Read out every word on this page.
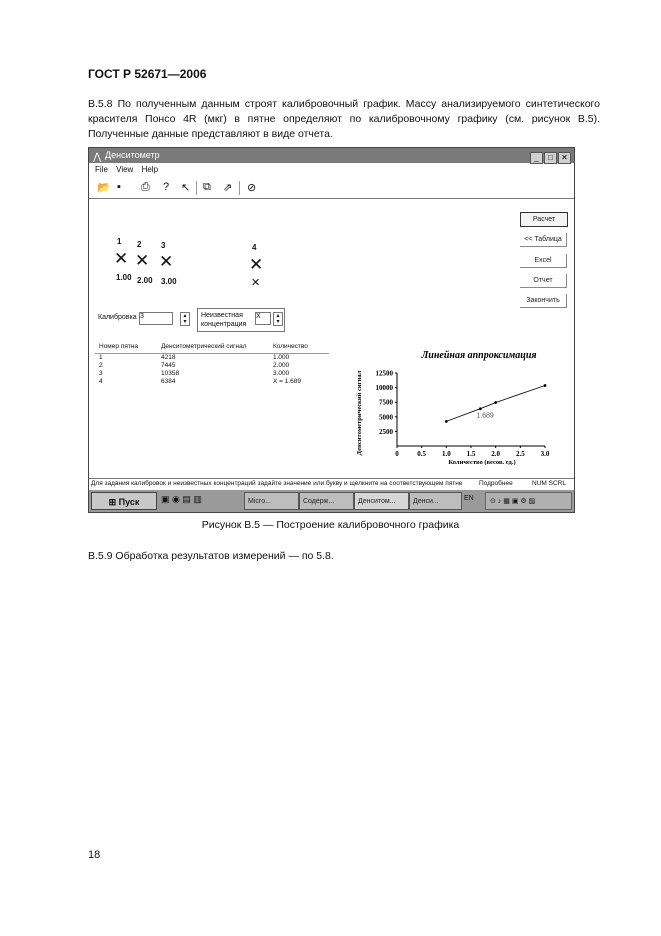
ГОСТ Р 52671—2006
В.5.8 По полученным данным строят калибровочный график. Массу анализируемого синтетического красителя Понсо 4R (мкг) в пятне определяют по калибровочному графику (см. рисунок В.5). Полученные данные представляют в виде отчета.
⋀ Денситометр	_ □ ✕
File View Help
📂 ▪ ⎙ ? ↖ ⧉ ⇗ ⊘
1 2 3	4
✕ ✕ ✕	✕
✕
1.00 2.00 3.00
Расчет
<< Таблица
Excel
Отчет
Закончить
Калибровка 3	▴
▾
Неизвестная
концентрация
X	▴
▾
Номер пятна	Денситометрический сигнал	Количество
1	4218	1.000
2	7445	2.000
3	10358	3.000
4	6384	X = 1.689
Линейная аппроксимация
Денситометрический сигнал
Количество (весов. ед.)
2500
5000
7500
10000
12500
0	0.5 1.0 1.5 2.0 2.5 3.0
1.689
Для задания калибровок и неизвестных концентраций задайте значение или букву и щелкните на соответствующем пятне	Подробнее	NUM SCRL
⊞ Пуск	▣ ◉ ▤ ▥	Micro...	Содерж...	Денситом...	Денси...	EN ⊙ ♪ ▦ ▣ ⚙ ▨
Рисунок В.5 — Построение калибровочного графика
В.5.9 Обработка результатов измерений — по 5.8.
18
